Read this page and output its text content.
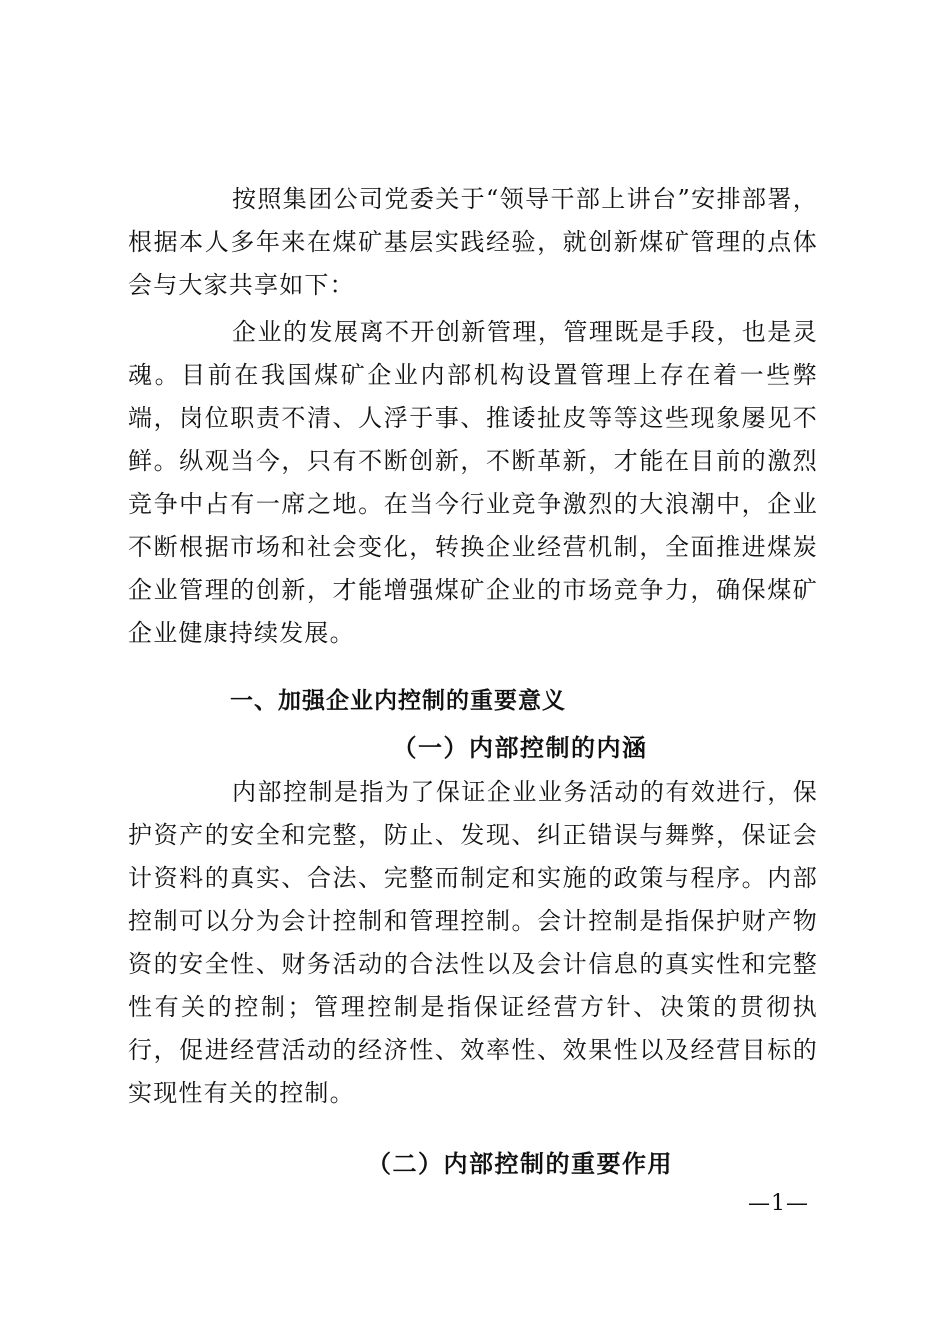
按照集团公司党委关于“领导干部上讲台”安排部署，根据本人多年来在煤矿基层实践经验，就创新煤矿管理的点体会与大家共享如下：

企业的发展离不开创新管理，管理既是手段，也是灵魂。目前在我国煤矿企业内部机构设置管理上存在着一些弊端，岗位职责不清、人浮于事、推诿扯皮等等这些现象屡见不鲜。纵观当今，只有不断创新，不断革新，才能在目前的激烈竞争中占有一席之地。在当今行业竞争激烈的大浪潮中，企业不断根据市场和社会变化，转换企业经营机制，全面推进煤炭企业管理的创新，才能增强煤矿企业的市场竞争力，确保煤矿企业健康持续发展。

一、加强企业内控制的重要意义
（一）内部控制的内涵

内部控制是指为了保证企业业务活动的有效进行，保护资产的安全和完整，防止、发现、纠正错误与舞弊，保证会计资料的真实、合法、完整而制定和实施的政策与程序。内部控制可以分为会计控制和管理控制。会计控制是指保护财产物资的安全性、财务活动的合法性以及会计信息的真实性和完整性有关的控制；管理控制是指保证经营方针、决策的贯彻执行，促进经营活动的经济性、效率性、效果性以及经营目标的实现性有关的控制。

（二）内部控制的重要作用
—1—
